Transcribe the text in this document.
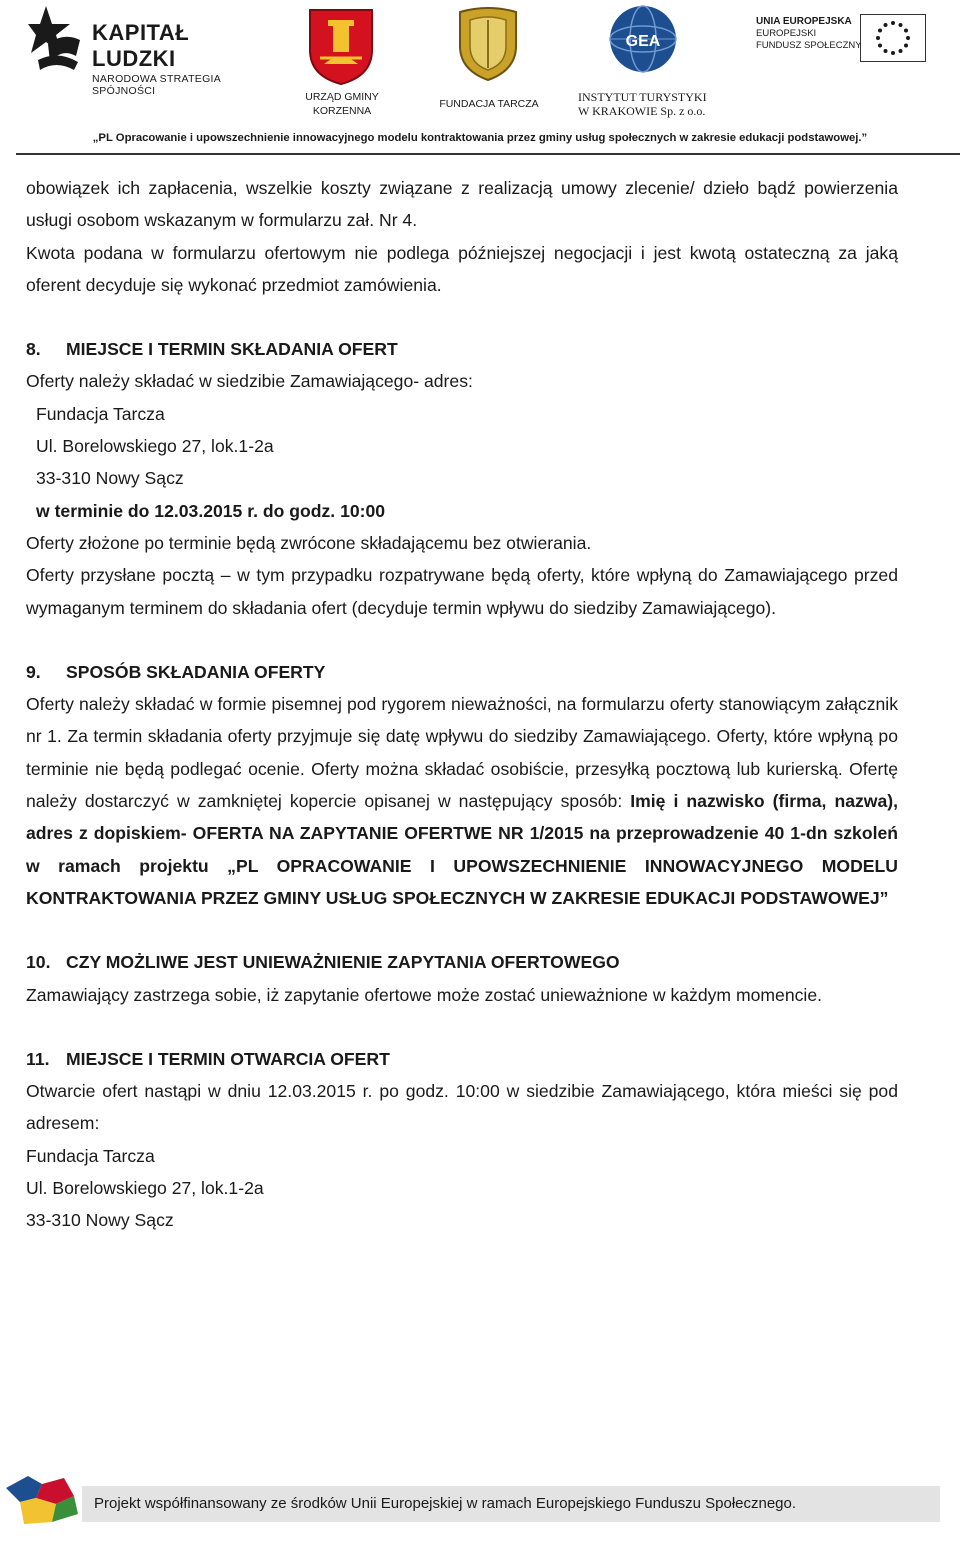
KAPITAŁ LUDZKI
NARODOWA STRATEGIA SPÓJNOŚCI	URZĄD GMINY KORZENNA
FUNDACJA TARCZA
GEA
INSTYTUT TURYSTYKI
W KRAKOWIE Sp. z o.o.
UNIA EUROPEJSKA
EUROPEJSKI
FUNDUSZ SPOŁECZNY
„PL Opracowanie i upowszechnienie innowacyjnego modelu kontraktowania przez gminy usług społecznych w zakresie edukacji podstawowej.”

obowiązek ich zapłacenia, wszelkie koszty związane z realizacją umowy zlecenie/ dzieło bądź powierzenia usługi osobom wskazanym w formularzu zał. Nr 4.

Kwota podana w formularzu ofertowym nie podlega późniejszej negocjacji i jest kwotą ostateczną za jaką oferent decyduje się wykonać przedmiot zamówienia.

8. MIEJSCE I TERMIN SKŁADANIA OFERT

Oferty należy składać w siedzibie Zamawiającego- adres:

Fundacja Tarcza

Ul. Borelowskiego 27, lok.1-2a

33-310 Nowy Sącz

w terminie do 12.03.2015 r. do godz. 10:00

Oferty złożone po terminie będą zwrócone składającemu bez otwierania.

Oferty przysłane pocztą – w tym przypadku rozpatrywane będą oferty, które wpłyną do Zamawiającego przed wymaganym terminem do składania ofert (decyduje termin wpływu do siedziby Zamawiającego).

9. SPOSÓB SKŁADANIA OFERTY

Oferty należy składać w formie pisemnej pod rygorem nieważności, na formularzu oferty stanowiącym załącznik nr 1. Za termin składania oferty przyjmuje się datę wpływu do siedziby Zamawiającego. Oferty, które wpłyną po terminie nie będą podlegać ocenie. Oferty można składać osobiście, przesyłką pocztową lub kurierską. Ofertę należy dostarczyć w zamkniętej kopercie opisanej w następujący sposób: Imię i nazwisko (firma, nazwa), adres z dopiskiem- OFERTA NA ZAPYTANIE OFERTWE NR 1/2015 na przeprowadzenie 40 1-dn szkoleń w ramach projektu „PL OPRACOWANIE I UPOWSZECHNIENIE INNOWACYJNEGO MODELU KONTRAKTOWANIA PRZEZ GMINY USŁUG SPOŁECZNYCH W ZAKRESIE EDUKACJI PODSTAWOWEJ”

10. CZY MOŻLIWE JEST UNIEWAŻNIENIE ZAPYTANIA OFERTOWEGO

Zamawiający zastrzega sobie, iż zapytanie ofertowe może zostać unieważnione w każdym momencie.

11. MIEJSCE I TERMIN OTWARCIA OFERT

Otwarcie ofert nastąpi w dniu 12.03.2015 r. po godz. 10:00 w siedzibie Zamawiającego, która mieści się pod adresem:

Fundacja Tarcza

Ul. Borelowskiego 27, lok.1-2a

33-310 Nowy Sącz

Projekt współfinansowany ze środków Unii Europejskiej w ramach Europejskiego Funduszu Społecznego.
